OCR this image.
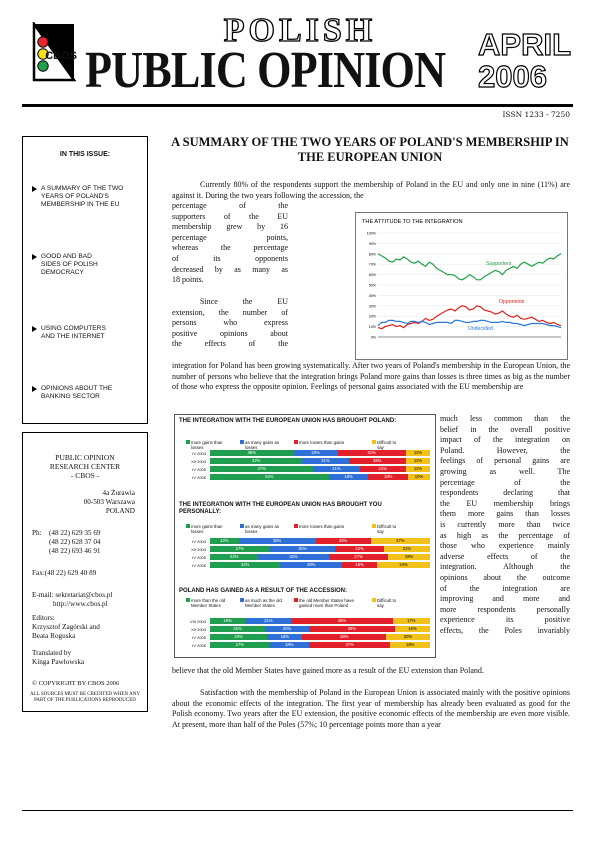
CBOS
POLISH
PUBLIC OPINION APRIL
2006
ISSN 1233 - 7250
IN THIS ISSUE:
A SUMMARY OF THE TWO YEARS OF POLAND'S MEMBERSHIP IN THE EU
GOOD AND BAD SIDES OF POLISH DEMOCRACY
USING COMPUTERS AND THE INTERNET
OPINIONS ABOUT THE BANKING SECTOR
PUBLIC OPINION
RESEARCH CENTER
- CBOS -
4a Żurawia
00-503 Warszawa
POLAND
Ph: (48 22) 629 35 69
(48 22) 628 37 04
(48 22) 693 46 91
Fax:(48 22) 629 40 89
E-mail: sekretariat@cbos.pl
http://www.cbos.pl
Editors:
Krzysztof Zagórski and Beata Roguska
Translated by
Kinga Pawłowska
© COPYRIGHT BY CBOS 2006
ALL SOURCES MUST BE CREDITED WHEN ANY PART OF THE PUBLICATIONS REPRODUCED
A SUMMARY OF THE TWO YEARS OF POLAND'S MEMBERSHIP IN THE EUROPEAN UNION
Currently 80% of the respondents support the membership of Poland in the EU and only one in nine (11%) are against it. During the two years following the accession, the
percentage of the
supporters of the EU
membership grew by 16
percentage points,
whereas the percentage
of its opponents
decreased by as many as
18 points.
Since the EU
extension, the number of
persons who express
positive opinions about
the effects of the
integration for Poland has been growing systematically. After two years of Poland's membership in the European Union, the number of persons who believe that the integration brings Poland more gains than losses is three times as big as the number of those who express the opposite opinion. Feelings of personal gains associated with the EU membership are
THE ATTITUDE TO THE INTEGRATION
0%
10%
20%
30%
40%
50%
60%
70%
80%
90%
100%
Supporters
Opponents
Undecided
THE INTEGRATION WITH THE EUROPEAN UNION HAS BROUGHT POLAND:
more gains than losses
as many gains as losses
more losses than gains	Difficult to say
IV 2004	38%	20%	31%	11%
XII 2004	42%	21%	26%	11%
IV 2005	47%	21%	21%	11%
IV 2006	54%	18%	18%	10%
THE INTEGRATION WITH THE EUROPEAN UNION HAS BROUGHT YOU PERSONALLY:
more gains than losses
as many gains as losses
more losses than gains	Difficult to say
IV 2004	13%	35%	25%	27%
XII 2004	27%	30%	22%	21%
IV 2005	22%	32%	27%	19%
IV 2006	32%	28%	16%	24%
POLAND HAS GAINED AS A RESULT OF THE ACCESSION:
more than the old Member States
as much as the old Member States
the old Member States have gained more than Poland
Difficult to say
VIII 2004	16%	21%	46%	17%
XII 2004	25%	20%	39%	16%
IV 2005	26%	16%	38%	20%
IV 2006	27%	18%	37%	18%
much less common than the
belief in the overall positive
impact of the integration on
Poland. However, the
feelings of personal gains are
growing as well. The
percentage of the
respondents declaring that
the EU membership brings
them more gains than losses
is currently more than twice
as high as the percentage of
those who experience mainly
adverse effects of the
integration. Although the
opinions about the outcome
of the integration are
improving and more and
more respondents personally
experience its positive
effects, the Poles invariably
believe that the old Member States have gained more as a result of the EU extension than Poland.
Satisfaction with the membership of Poland in the European Union is associated mainly with the positive opinions about the economic effects of the integration. The first year of membership has already been evaluated as good for the Polish economy. Two years after the EU extension, the positive economic effects of the membership are even more visible. At present, more than half of the Poles (57%; 10 percentage points more than a year
